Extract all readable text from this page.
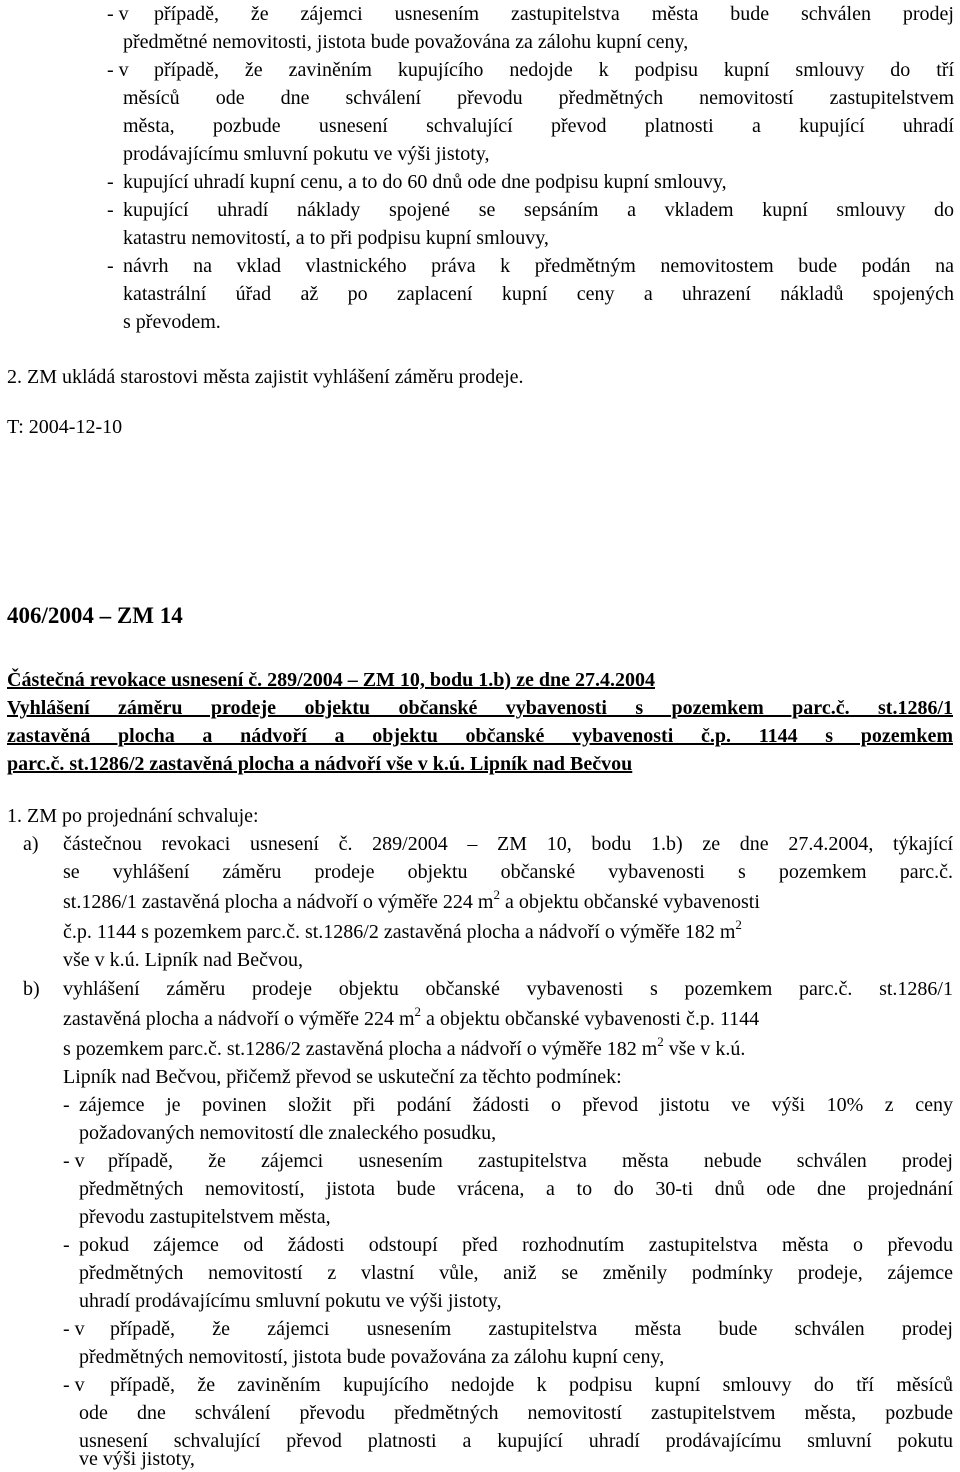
- v případě, že zájemci usnesením zastupitelstva města bude schválen prodej
předmětné nemovitosti, jistota bude považována za zálohu kupní ceny,
- v případě, že zaviněním kupujícího nedojde k podpisu kupní smlouvy do tří
měsíců ode dne schválení převodu předmětných nemovitostí zastupitelstvem
města, pozbude usnesení schvalující převod platnosti a kupující uhradí
prodávajícímu smluvní pokutu ve výši jistoty,
- kupující uhradí kupní cenu, a to do 60 dnů ode dne podpisu kupní smlouvy,
- kupující uhradí náklady spojené se sepsáním a vkladem kupní smlouvy do
katastru nemovitostí, a to při podpisu kupní smlouvy,
- návrh na vklad vlastnického práva k předmětným nemovitostem bude podán na
katastrální úřad až po zaplacení kupní ceny a uhrazení nákladů spojených
s převodem.
2. ZM ukládá starostovi města zajistit vyhlášení záměru prodeje.
T: 2004-12-10
406/2004 – ZM 14
Částečná revokace usnesení č. 289/2004 – ZM 10, bodu 1.b) ze dne 27.4.2004
Vyhlášení záměru prodeje objektu občanské vybavenosti s pozemkem parc.č. st.1286/1
zastavěná plocha a nádvoří a objektu občanské vybavenosti č.p. 1144 s pozemkem
parc.č. st.1286/2 zastavěná plocha a nádvoří vše v k.ú. Lipník nad Bečvou
1. ZM po projednání schvaluje:
a) částečnou revokaci usnesení č. 289/2004 – ZM 10, bodu 1.b) ze dne 27.4.2004, týkající
se vyhlášení záměru prodeje objektu občanské vybavenosti s pozemkem parc.č.
st.1286/1 zastavěná plocha a nádvoří o výměře 224 $m^2$ a objektu občanské vybavenosti
č.p. 1144 s pozemkem parc.č. st.1286/2 zastavěná plocha a nádvoří o výměře 182 $m^2$
vše v k.ú. Lipník nad Bečvou,
b) vyhlášení záměru prodeje objektu občanské vybavenosti s pozemkem parc.č. st.1286/1
zastavěná plocha a nádvoří o výměře 224 $m^2$ a objektu občanské vybavenosti č.p. 1144
s pozemkem parc.č. st.1286/2 zastavěná plocha a nádvoří o výměře 182 $m^2$ vše v k.ú.
Lipník nad Bečvou, přičemž převod se uskuteční za těchto podmínek:
- zájemce je povinen složit při podání žádosti o převod jistotu ve výši 10% z ceny
požadovaných nemovitostí dle znaleckého posudku,
- v případě, že zájemci usnesením zastupitelstva města nebude schválen prodej
předmětných nemovitostí, jistota bude vrácena, a to do 30-ti dnů ode dne projednání
převodu zastupitelstvem města,
- pokud zájemce od žádosti odstoupí před rozhodnutím zastupitelstva města o převodu
předmětných nemovitostí z vlastní vůle, aniž se změnily podmínky prodeje, zájemce
uhradí prodávajícímu smluvní pokutu ve výši jistoty,
- v případě, že zájemci usnesením zastupitelstva města bude schválen prodej
předmětných nemovitostí, jistota bude považována za zálohu kupní ceny,
- v případě, že zaviněním kupujícího nedojde k podpisu kupní smlouvy do tří měsíců
ode dne schválení převodu předmětných nemovitostí zastupitelstvem města, pozbude
usnesení schvalující převod platnosti a kupující uhradí prodávajícímu smluvní pokutu
ve výši jistoty,
